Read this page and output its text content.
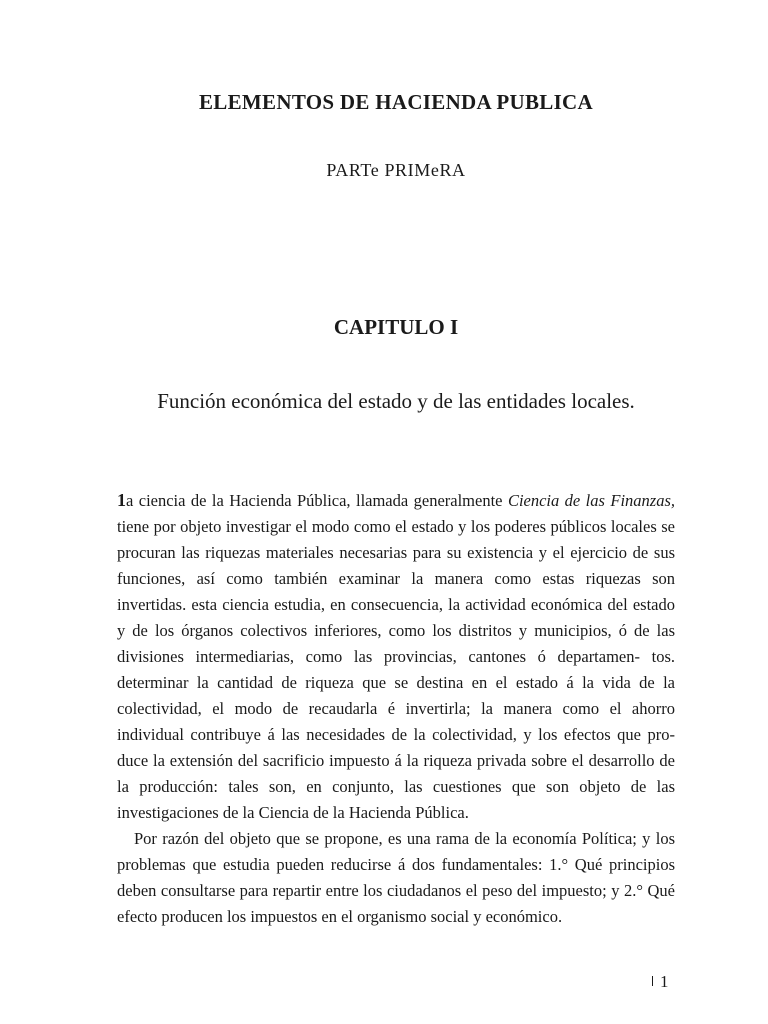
ELEMENTOS DE HACIENDA PUBLICA
PARTe PRIMeRA
CAPITULO I
Función económica del estado y de las entidades locales.

1a ciencia de la Hacienda Pública, llamada generalmente Ciencia de las Finanzas, tiene por objeto investigar el modo como el estado y los poderes públicos locales se procuran las riquezas materiales necesarias para su existencia y el ejercicio de sus funciones, así como también examinar la manera como estas riquezas son invertidas. esta ciencia estudia, en consecuencia, la actividad económica del estado y de los órganos colectivos inferiores, como los distritos y municipios, ó de las divisiones intermediarias, como las provincias, cantones ó departamen- tos. determinar la cantidad de riqueza que se destina en el estado á la vida de la colectividad, el modo de recaudarla é invertirla; la manera como el ahorro individual contribuye á las necesidades de la colectividad, y los efectos que pro- duce la extensión del sacrificio impuesto á la riqueza privada sobre el desarrollo de la producción: tales son, en conjunto, las cuestiones que son objeto de las investigaciones de la Ciencia de la Hacienda Pública.

Por razón del objeto que se propone, es una rama de la economía Política; y los problemas que estudia pueden reducirse á dos fundamentales: 1.° Qué principios deben consultarse para repartir entre los ciudadanos el peso del impuesto; y 2.° Qué efecto producen los impuestos en el organismo social y económico.

1
